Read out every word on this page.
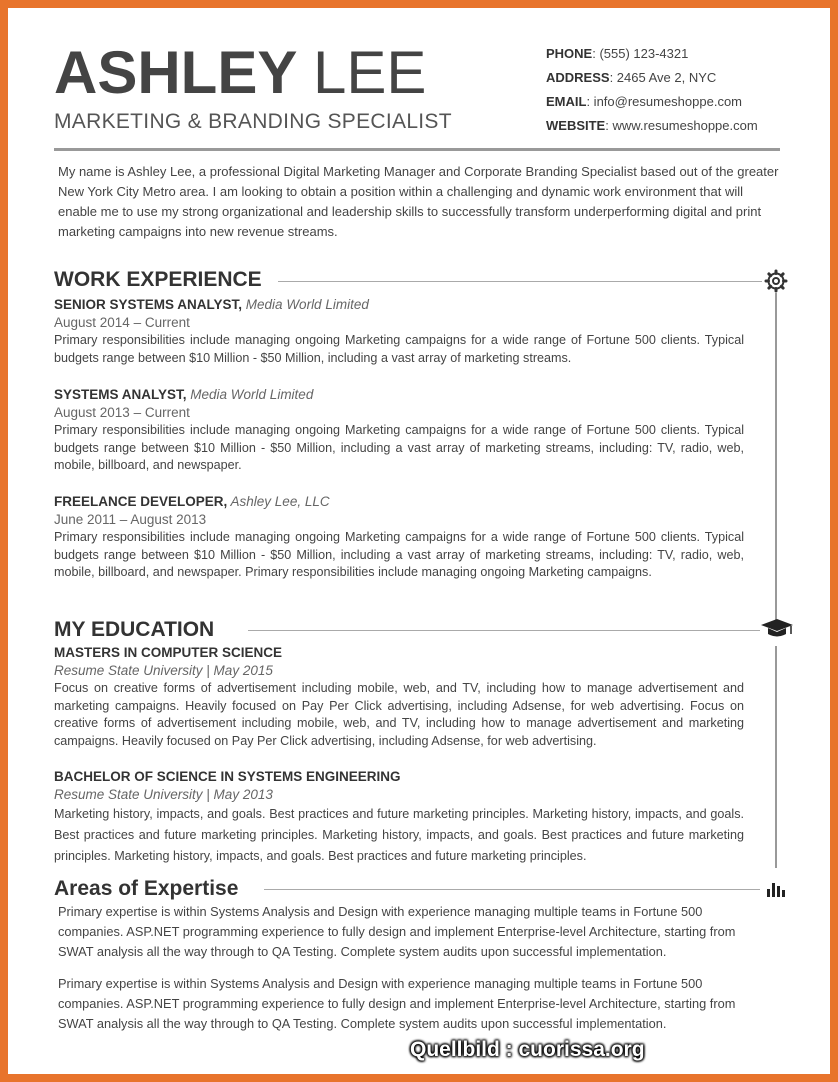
ASHLEY LEE
MARKETING & BRANDING SPECIALIST
PHONE: (555) 123-4321
ADDRESS: 2465 Ave 2, NYC
EMAIL: info@resumeshoppe.com
WEBSITE: www.resumeshoppe.com
My name is Ashley Lee, a professional Digital Marketing Manager and Corporate Branding Specialist based out of the greater New York City Metro area. I am looking to obtain a position within a challenging and dynamic work environment that will enable me to use my strong organizational and leadership skills to successfully transform underperforming digital and print marketing campaigns into new revenue streams.
WORK EXPERIENCE
SENIOR SYSTEMS ANALYST, Media World Limited
August 2014 – Current
Primary responsibilities include managing ongoing Marketing campaigns for a wide range of Fortune 500 clients. Typical budgets range between $10 Million - $50 Million, including a vast array of marketing streams.
SYSTEMS ANALYST, Media World Limited
August 2013 – Current
Primary responsibilities include managing ongoing Marketing campaigns for a wide range of Fortune 500 clients. Typical budgets range between $10 Million - $50 Million, including a vast array of marketing streams, including: TV, radio, web, mobile, billboard, and newspaper.
FREELANCE DEVELOPER, Ashley Lee, LLC
June 2011 – August 2013
Primary responsibilities include managing ongoing Marketing campaigns for a wide range of Fortune 500 clients. Typical budgets range between $10 Million - $50 Million, including a vast array of marketing streams, including: TV, radio, web, mobile, billboard, and newspaper. Primary responsibilities include managing ongoing Marketing campaigns.
MY EDUCATION
MASTERS IN COMPUTER SCIENCE
Resume State University | May 2015
Focus on creative forms of advertisement including mobile, web, and TV, including how to manage advertisement and marketing campaigns. Heavily focused on Pay Per Click advertising, including Adsense, for web advertising. Focus on creative forms of advertisement including mobile, web, and TV, including how to manage advertisement and marketing campaigns. Heavily focused on Pay Per Click advertising, including Adsense, for web advertising.
BACHELOR OF SCIENCE IN SYSTEMS ENGINEERING
Resume State University | May 2013
Marketing history, impacts, and goals. Best practices and future marketing principles. Marketing history, impacts, and goals. Best practices and future marketing principles. Marketing history, impacts, and goals. Best practices and future marketing principles. Marketing history, impacts, and goals. Best practices and future marketing principles.
Areas of Expertise
Primary expertise is within Systems Analysis and Design with experience managing multiple teams in Fortune 500 companies. ASP.NET programming experience to fully design and implement Enterprise-level Architecture, starting from SWAT analysis all the way through to QA Testing. Complete system audits upon successful implementation.
Primary expertise is within Systems Analysis and Design with experience managing multiple teams in Fortune 500 companies. ASP.NET programming experience to fully design and implement Enterprise-level Architecture, starting from SWAT analysis all the way through to QA Testing. Complete system audits upon successful implementation.
Quellbild : cuorissa.org
